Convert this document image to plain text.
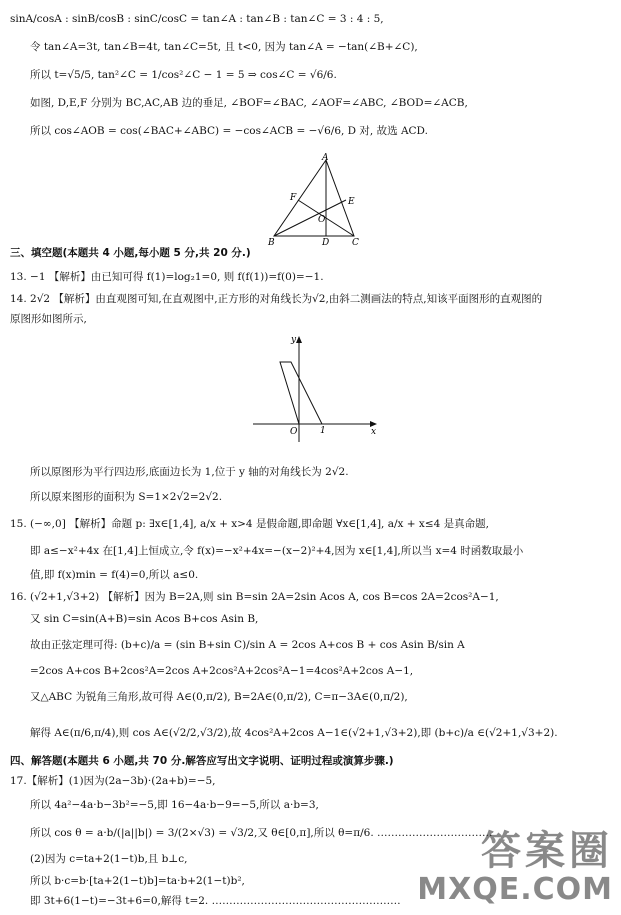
sinA/cosA : sinB/cosB : sinC/cosC = tan∠A : tan∠B : tan∠C = 3 : 4 : 5,
令 tan∠A=3t, tan∠B=4t, tan∠C=5t, 且 t<0, 因为 tan∠A = −tan(∠B+∠C),
所以 t=√5/5, tan²∠C = 1/cos²∠C − 1 = 5 ⇒ cos∠C = √6/6.
如图, D,E,F 分别为 BC,AC,AB 边的垂足, ∠BOF=∠BAC, ∠AOF=∠ABC, ∠BOD=∠ACB,
所以 cos∠AOB = cos(∠BAC+∠ABC) = −cos∠ACB = −√6/6, D 对, 故选 ACD.
A
F	E
O
B	D	C
三、填空题(本题共 4 小题,每小题 5 分,共 20 分.)
13. −1 【解析】由已知可得 f(1)=log₂1=0, 则 f(f(1))=f(0)=−1.
14. 2√2 【解析】由直观图可知,在直观图中,正方形的对角线长为√2,由斜二测画法的特点,知该平面图形的直观图的
原图形如图所示,
y
O	1	x
所以原图形为平行四边形,底面边长为 1,位于 y 轴的对角线长为 2√2.
所以原来图形的面积为 S=1×2√2=2√2.
15. (−∞,0] 【解析】命题 p: ∃x∈[1,4], a/x + x>4 是假命题,即命题 ∀x∈[1,4], a/x + x≤4 是真命题,
即 a≤−x²+4x 在[1,4]上恒成立,令 f(x)=−x²+4x=−(x−2)²+4,因为 x∈[1,4],所以当 x=4 时函数取最小
值,即 f(x)min = f(4)=0,所以 a≤0.
16. (√2+1,√3+2) 【解析】因为 B=2A,则 sin B=sin 2A=2sin Acos A, cos B=cos 2A=2cos²A−1,
又 sin C=sin(A+B)=sin Acos B+cos Asin B,
故由正弦定理可得: (b+c)/a = (sin B+sin C)/sin A = 2cos A+cos B + cos Asin B/sin A
=2cos A+cos B+2cos²A=2cos A+2cos²A+2cos²A−1=4cos²A+2cos A−1,
又△ABC 为锐角三角形,故可得 A∈(0,π/2), B=2A∈(0,π/2), C=π−3A∈(0,π/2),
解得 A∈(π/6,π/4),则 cos A∈(√2/2,√3/2),故 4cos²A+2cos A−1∈(√2+1,√3+2),即 (b+c)/a ∈(√2+1,√3+2).
四、解答题(本题共 6 小题,共 70 分.解答应写出文字说明、证明过程或演算步骤.)
17.【解析】(1)因为(2a−3b)·(2a+b)=−5,
所以 4a²−4a·b−3b²=−5,即 16−4a·b−9=−5,所以 a·b=3,
所以 cos θ = a·b/(|a||b|) = 3/(2×√3) = √3/2,又 θ∈[0,π],所以 θ=π/6. ……………………………
(2)因为 c=ta+2(1−t)b,且 b⊥c,
所以 b·c=b·[ta+2(1−t)b]=ta·b+2(1−t)b²,
即 3t+6(1−t)=−3t+6=0,解得 t=2. ………………………………………………
答案圈
MXQE.COM
